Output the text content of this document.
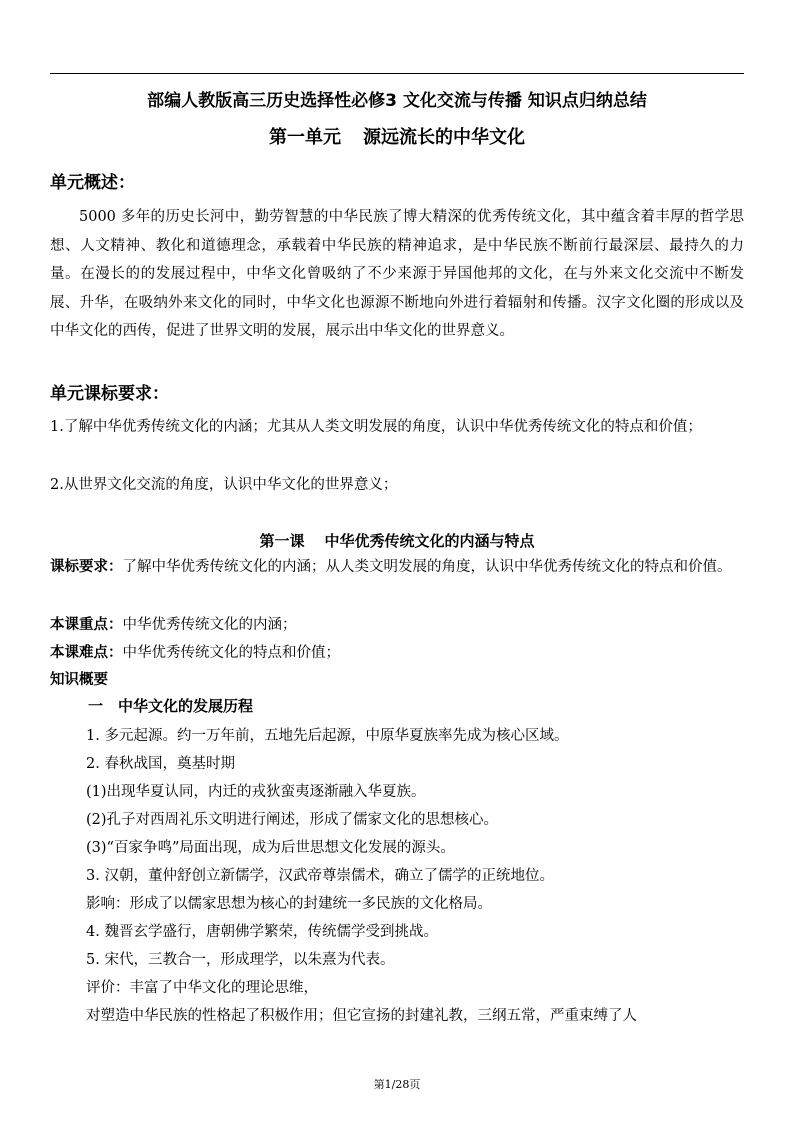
部编人教版高三历史选择性必修3 文化交流与传播 知识点归纳总结
第一单元 源远流长的中华文化
单元概述：
5000 多年的历史长河中，勤劳智慧的中华民族了博大精深的优秀传统文化，其中蕴含着丰厚的哲学思想、人文精神、教化和道德理念，承载着中华民族的精神追求，是中华民族不断前行最深层、最持久的力量。在漫长的的发展过程中，中华文化曾吸纳了不少来源于异国他邦的文化，在与外来文化交流中不断发展、升华，在吸纳外来文化的同时，中华文化也源源不断地向外进行着辐射和传播。汉字文化圈的形成以及中华文化的西传，促进了世界文明的发展，展示出中华文化的世界意义。
单元课标要求：
1.了解中华优秀传统文化的内涵；尤其从人类文明发展的角度，认识中华优秀传统文化的特点和价值；
2.从世界文化交流的角度，认识中华文化的世界意义；
第一课 中华优秀传统文化的内涵与特点
课标要求：了解中华优秀传统文化的内涵；从人类文明发展的角度，认识中华优秀传统文化的特点和价值。
本课重点：中华优秀传统文化的内涵；
本课难点：中华优秀传统文化的特点和价值；
知识概要
一　中华文化的发展历程
1. 多元起源。约一万年前，五地先后起源，中原华夏族率先成为核心区域。
2. 春秋战国，奠基时期
(1)出现华夏认同，内迁的戎狄蛮夷逐渐融入华夏族。
(2)孔子对西周礼乐文明进行阐述，形成了儒家文化的思想核心。
(3)“百家争鸣”局面出现，成为后世思想文化发展的源头。
3. 汉朝，董仲舒创立新儒学，汉武帝尊崇儒术，确立了儒学的正统地位。
影响：形成了以儒家思想为核心的封建统一多民族的文化格局。
4. 魏晋玄学盛行，唐朝佛学繁荣，传统儒学受到挑战。
5. 宋代，三教合一，形成理学，以朱熹为代表。
评价：丰富了中华文化的理论思维，
对塑造中华民族的性格起了积极作用；但它宣扬的封建礼教，三纲五常，严重束缚了人
第1/28页
